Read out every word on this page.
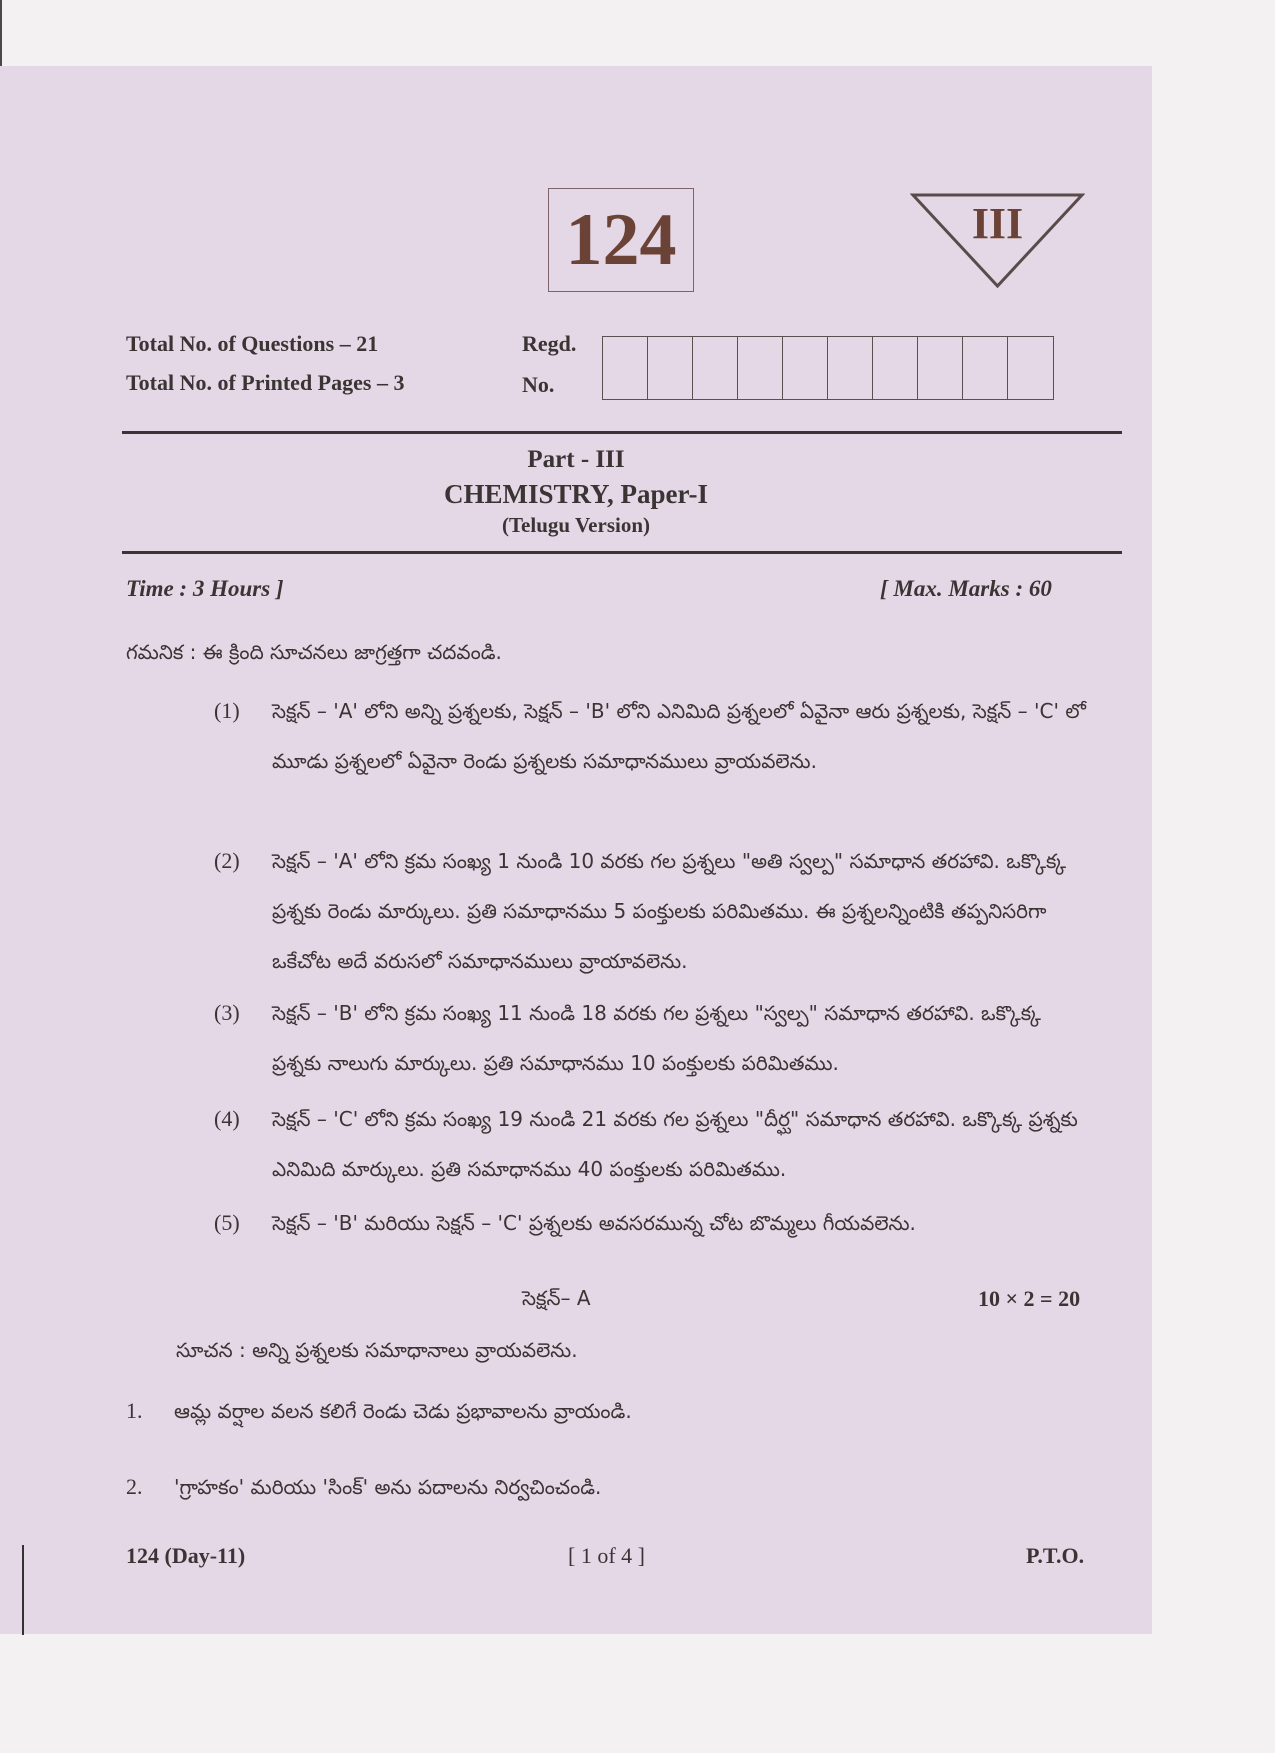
124	III
Total No. of Questions – 21
Total No. of Printed Pages – 3
Regd.
No.
Part - III
CHEMISTRY, Paper-I
(Telugu Version)
Time : 3 Hours ]	[ Max. Marks : 60
గమనిక : ఈ క్రింది సూచనలు జాగ్రత్తగా చదవండి.
(1) సెక్షన్ – 'A' లోని అన్ని ప్రశ్నలకు, సెక్షన్ – 'B' లోని ఎనిమిది ప్రశ్నలలో ఏవైనా ఆరు ప్రశ్నలకు, సెక్షన్ – 'C' లో మూడు ప్రశ్నలలో ఏవైనా రెండు ప్రశ్నలకు సమాధానములు వ్రాయవలెను.
(2) సెక్షన్ – 'A' లోని క్రమ సంఖ్య 1 నుండి 10 వరకు గల ప్రశ్నలు "అతి స్వల్ప" సమాధాన తరహావి. ఒక్కొక్క ప్రశ్నకు రెండు మార్కులు. ప్రతి సమాధానము 5 పంక్తులకు పరిమితము. ఈ ప్రశ్నలన్నింటికి తప్పనిసరిగా ఒకేచోట అదే వరుసలో సమాధానములు వ్రాయావలెను.
(3) సెక్షన్ – 'B' లోని క్రమ సంఖ్య 11 నుండి 18 వరకు గల ప్రశ్నలు "స్వల్ప" సమాధాన తరహావి. ఒక్కొక్క ప్రశ్నకు నాలుగు మార్కులు. ప్రతి సమాధానము 10 పంక్తులకు పరిమితము.
(4) సెక్షన్ – 'C' లోని క్రమ సంఖ్య 19 నుండి 21 వరకు గల ప్రశ్నలు "దీర్ఘ" సమాధాన తరహావి. ఒక్కొక్క ప్రశ్నకు ఎనిమిది మార్కులు. ప్రతి సమాధానము 40 పంక్తులకు పరిమితము.
(5) సెక్షన్ – 'B' మరియు సెక్షన్ – 'C' ప్రశ్నలకు అవసరమున్న చోట బొమ్మలు గీయవలెను.
సెక్షన్– A	10 × 2 = 20
సూచన : అన్ని ప్రశ్నలకు సమాధానాలు వ్రాయవలెను.
1. ఆమ్ల వర్షాల వలన కలిగే రెండు చెడు ప్రభావాలను వ్రాయండి.
2. 'గ్రాహకం' మరియు 'సింక్' అను పదాలను నిర్వచించండి.
124 (Day-11)	[ 1 of 4 ]	P.T.O.
